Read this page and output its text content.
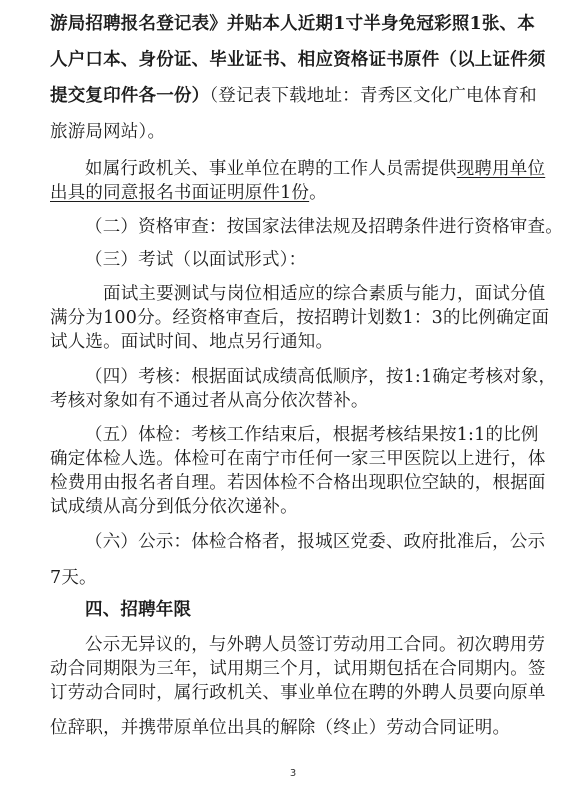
游局招聘报名登记表》并贴本人近期1寸半身免冠彩照1张、本
人户口本、身份证、毕业证书、相应资格证书原件（以上证件须
提交复印件各一份）（登记表下载地址：青秀区文化广电体育和
旅游局网站）。
如属行政机关、事业单位在聘的工作人员需提供现聘用单位
出具的同意报名书面证明原件1份。
（二）资格审查：按国家法律法规及招聘条件进行资格审查。
（三）考试（以面试形式）：
面试主要测试与岗位相适应的综合素质与能力，面试分值
满分为100分。经资格审查后，按招聘计划数1：3的比例确定面
试人选。面试时间、地点另行通知。
（四）考核：根据面试成绩高低顺序，按1:1确定考核对象，
考核对象如有不通过者从高分依次替补。
（五）体检：考核工作结束后，根据考核结果按1:1的比例
确定体检人选。体检可在南宁市任何一家三甲医院以上进行，体
检费用由报名者自理。若因体检不合格出现职位空缺的，根据面
试成绩从高分到低分依次递补。
（六）公示：体检合格者，报城区党委、政府批准后，公示
7天。
四、招聘年限
公示无异议的，与外聘人员签订劳动用工合同。初次聘用劳
动合同期限为三年，试用期三个月，试用期包括在合同期内。签
订劳动合同时，属行政机关、事业单位在聘的外聘人员要向原单
位辞职，并携带原单位出具的解除（终止）劳动合同证明。
3
